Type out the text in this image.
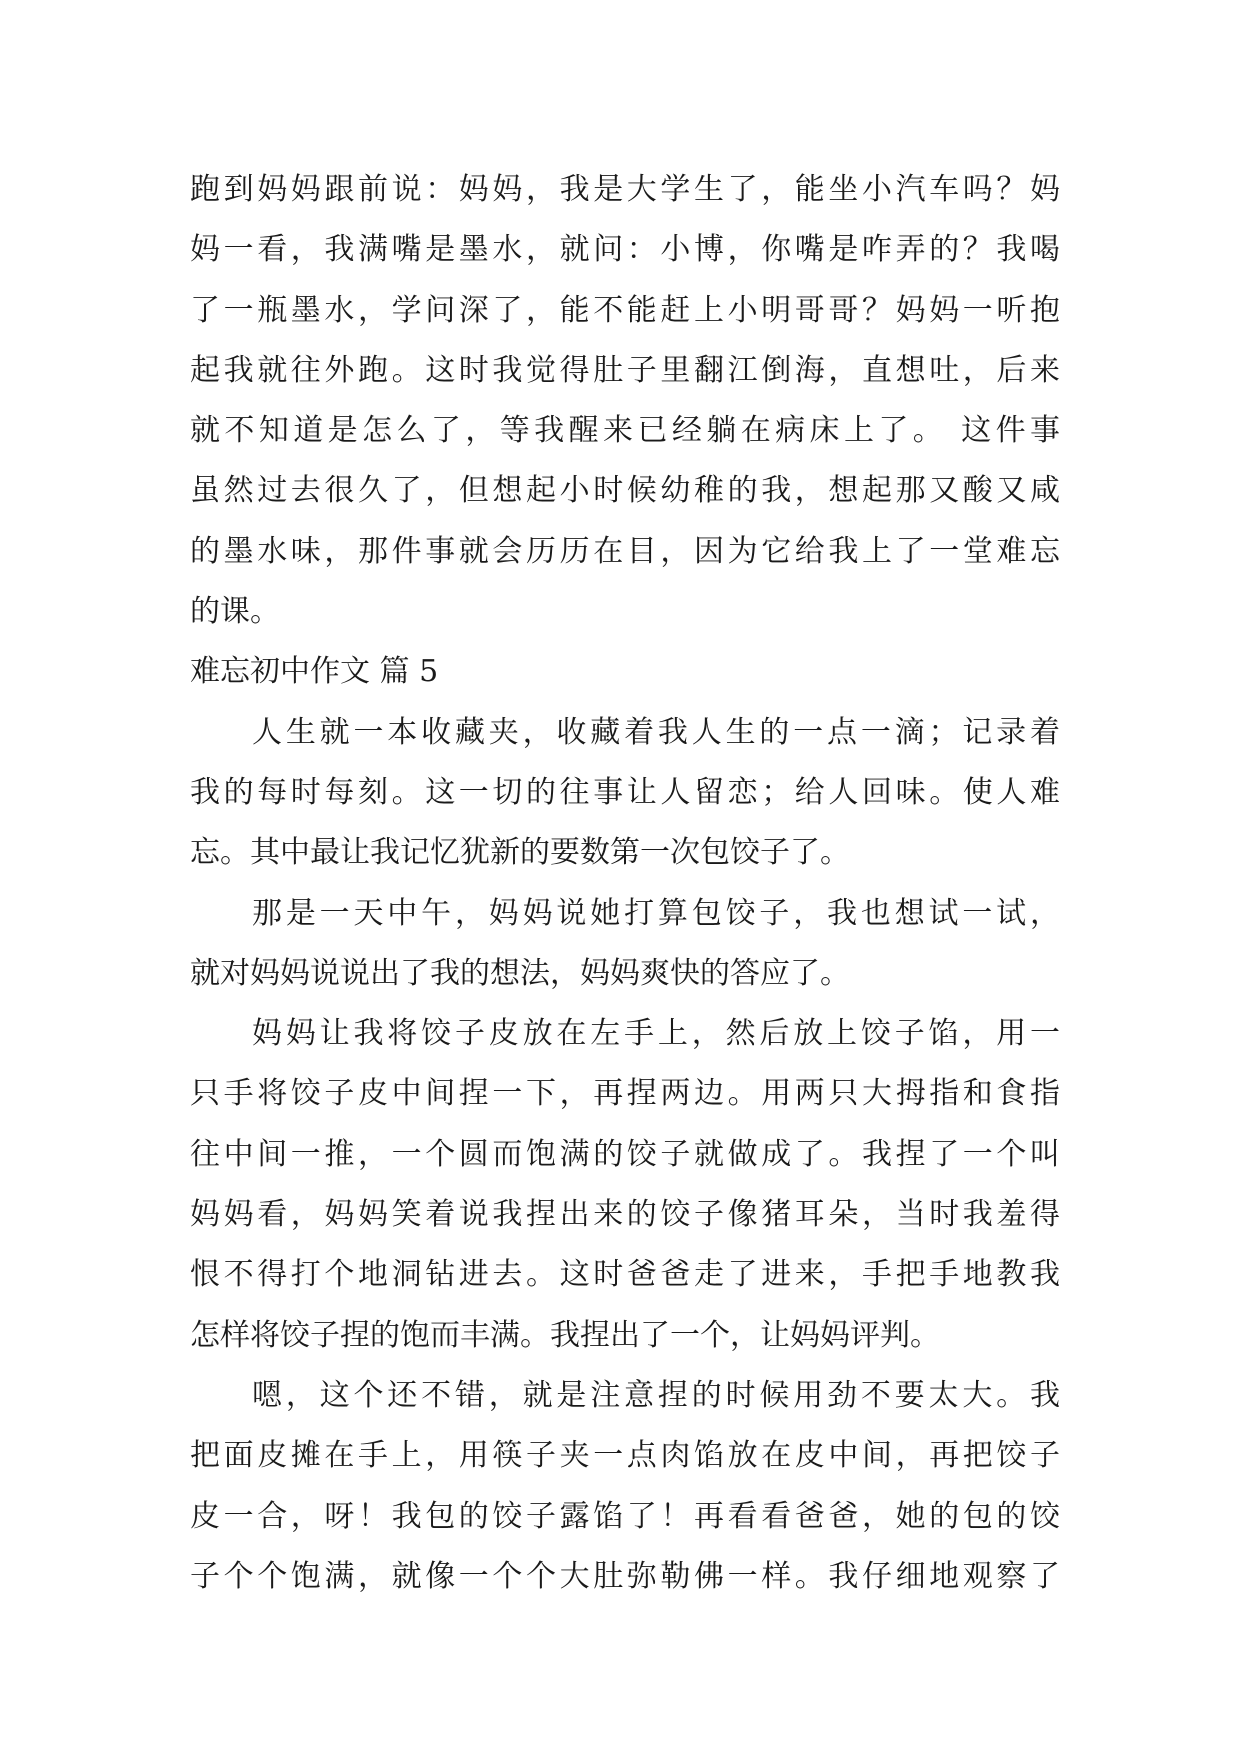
跑到妈妈跟前说：妈妈，我是大学生了，能坐小汽车吗？妈
妈一看，我满嘴是墨水，就问：小博，你嘴是咋弄的？我喝
了一瓶墨水，学问深了，能不能赶上小明哥哥？妈妈一听抱
起我就往外跑。这时我觉得肚子里翻江倒海，直想吐，后来
就不知道是怎么了，等我醒来已经躺在病床上了。 这件事
虽然过去很久了，但想起小时候幼稚的我，想起那又酸又咸
的墨水味，那件事就会历历在目，因为它给我上了一堂难忘
的课。
难忘初中作文 篇 5
人生就一本收藏夹，收藏着我人生的一点一滴；记录着
我的每时每刻。这一切的往事让人留恋；给人回味。使人难
忘。其中最让我记忆犹新的要数第一次包饺子了。
那是一天中午，妈妈说她打算包饺子，我也想试一试，
就对妈妈说说出了我的想法，妈妈爽快的答应了。
妈妈让我将饺子皮放在左手上，然后放上饺子馅，用一
只手将饺子皮中间捏一下，再捏两边。用两只大拇指和食指
往中间一推，一个圆而饱满的饺子就做成了。我捏了一个叫
妈妈看，妈妈笑着说我捏出来的饺子像猪耳朵，当时我羞得
恨不得打个地洞钻进去。这时爸爸走了进来，手把手地教我
怎样将饺子捏的饱而丰满。我捏出了一个，让妈妈评判。
嗯，这个还不错，就是注意捏的时候用劲不要太大。我
把面皮摊在手上，用筷子夹一点肉馅放在皮中间，再把饺子
皮一合，呀！我包的饺子露馅了！再看看爸爸，她的包的饺
子个个饱满，就像一个个大肚弥勒佛一样。我仔细地观察了
